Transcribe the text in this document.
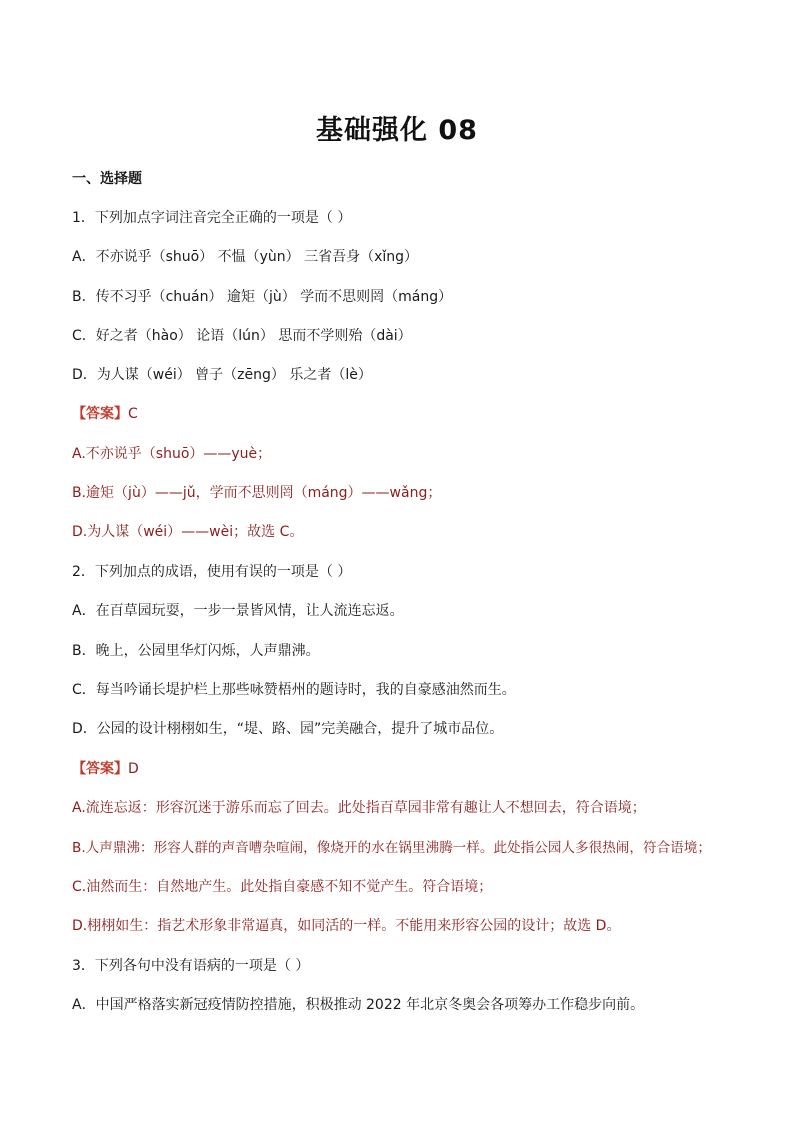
基础强化 08
一、选择题
1．下列加点字词注音完全正确的一项是（ ）
A．不亦说乎（shuō） 不愠（yùn） 三省吾身（xǐng）
B．传不习乎（chuán） 逾矩（jù） 学而不思则罔（máng）
C．好之者（hào） 论语（lún） 思而不学则殆（dài）
D．为人谋（wéi） 曾子（zēng） 乐之者（lè）
【答案】C
A.不亦说乎（shuō）——yuè；
B.逾矩（jù）——jǔ，学而不思则罔（máng）——wǎng；
D.为人谋（wéi）——wèi；故选 C。
2．下列加点的成语，使用有误的一项是（ ）
A．在百草园玩耍，一步一景皆风情，让人流连忘返。
B．晚上，公园里华灯闪烁，人声鼎沸。
C．每当吟诵长堤护栏上那些咏赞梧州的题诗时，我的自豪感油然而生。
D．公园的设计栩栩如生，“堤、路、园”完美融合，提升了城市品位。
【答案】D
A.流连忘返：形容沉迷于游乐而忘了回去。此处指百草园非常有趣让人不想回去，符合语境；
B.人声鼎沸：形容人群的声音嘈杂喧闹，像烧开的水在锅里沸腾一样。此处指公园人多很热闹，符合语境；
C.油然而生：自然地产生。此处指自豪感不知不觉产生。符合语境；
D.栩栩如生：指艺术形象非常逼真，如同活的一样。不能用来形容公园的设计；故选 D。
3．下列各句中没有语病的一项是（ ）
A．中国严格落实新冠疫情防控措施，积极推动 2022 年北京冬奥会各项筹办工作稳步向前。
